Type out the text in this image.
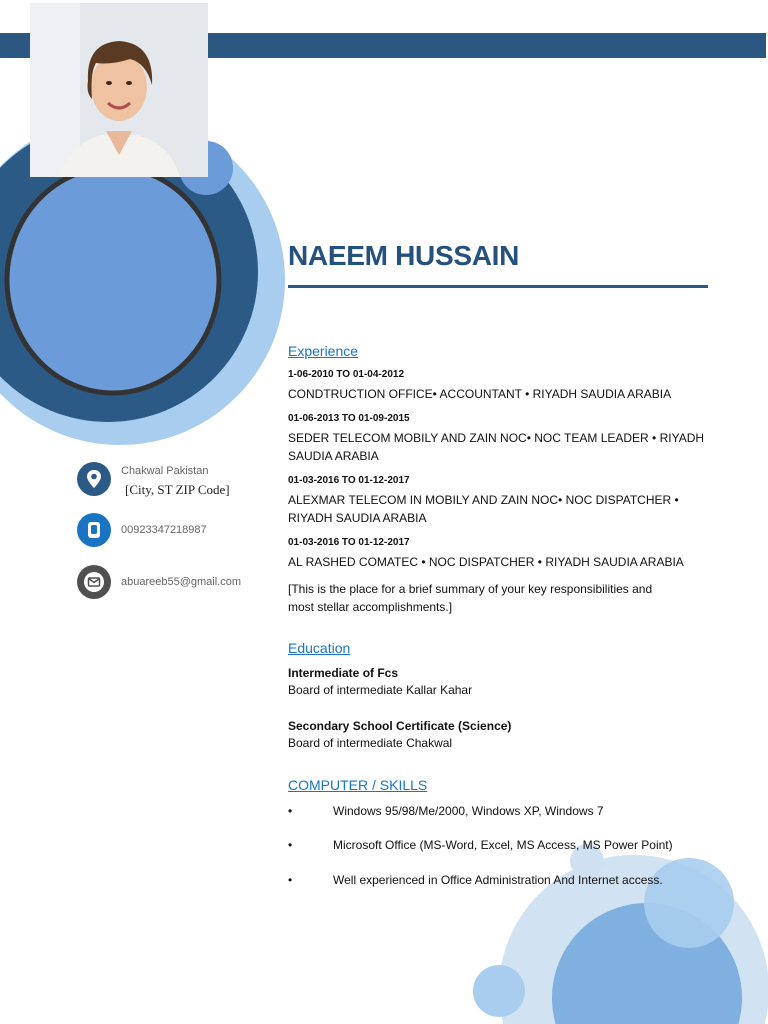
NAEEM HUSSAIN
Chakwal Pakistan
[City, ST ZIP Code]
00923347218987
abuareeb55@gmail.com
Experience
1-06-2010 TO 01-04-2012
CONDTRUCTION OFFICE• ACCOUNTANT • RIYADH SAUDIA ARABIA
01-06-2013 TO 01-09-2015
SEDER TELECOM MOBILY AND ZAIN NOC• NOC TEAM LEADER • RIYADH
SAUDIA ARABIA
01-03-2016 TO 01-12-2017
ALEXMAR TELECOM IN MOBILY AND ZAIN NOC• NOC DISPATCHER •
RIYADH SAUDIA ARABIA
01-03-2016 TO 01-12-2017
AL RASHED COMATEC • NOC DISPATCHER • RIYADH SAUDIA ARABIA
[This is the place for a brief summary of your key responsibilities and
most stellar accomplishments.]
Education
Intermediate of Fcs
Board of intermediate Kallar Kahar
Secondary School Certificate (Science)
Board of intermediate Chakwal
COMPUTER / SKILLS
•	Windows 95/98/Me/2000, Windows XP, Windows 7
•	Microsoft Office (MS-Word, Excel, MS Access, MS Power Point)
•	Well experienced in Office Administration And Internet access.
